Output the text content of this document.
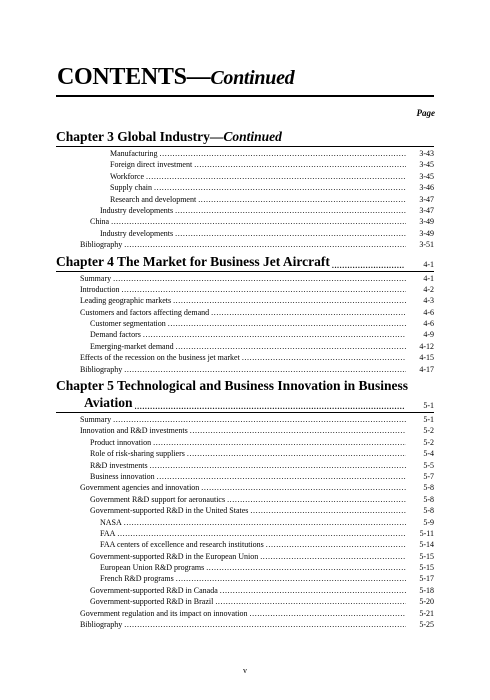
CONTENTS—Continued
Page
Chapter 3 Global Industry—Continued
Manufacturing .....	3-43
Foreign direct investment .....	3-45
Workforce .....	3-45
Supply chain .....	3-46
Research and development .....	3-47
Industry developments .....	3-47
China .....	3-49
Industry developments .....	3-49
Bibliography .....	3-51
Chapter 4 The Market for Business Jet Aircraft .....	4-1
Summary .....	4-1
Introduction .....	4-2
Leading geographic markets .....	4-3
Customers and factors affecting demand .....	4-6
Customer segmentation .....	4-6
Demand factors .....	4-9
Emerging-market demand .....	4-12
Effects of the recession on the business jet market .....	4-15
Bibliography .....	4-17
Chapter 5 Technological and Business Innovation in Business
Aviation .....	5-1
Summary .....	5-1
Innovation and R&D investments .....	5-2
Product innovation .....	5-2
Role of risk-sharing suppliers .....	5-4
R&D investments .....	5-5
Business innovation .....	5-7
Government agencies and innovation .....	5-8
Government R&D support for aeronautics .....	5-8
Government-supported R&D in the United States .....	5-8
NASA .....	5-9
FAA .....	5-11
FAA centers of excellence and research institutions .....	5-14
Government-supported R&D in the European Union .....	5-15
European Union R&D programs .....	5-15
French R&D programs .....	5-17
Government-supported R&D in Canada .....	5-18
Government-supported R&D in Brazil .....	5-20
Government regulation and its impact on innovation .....	5-21
Bibliography .....	5-25
v
